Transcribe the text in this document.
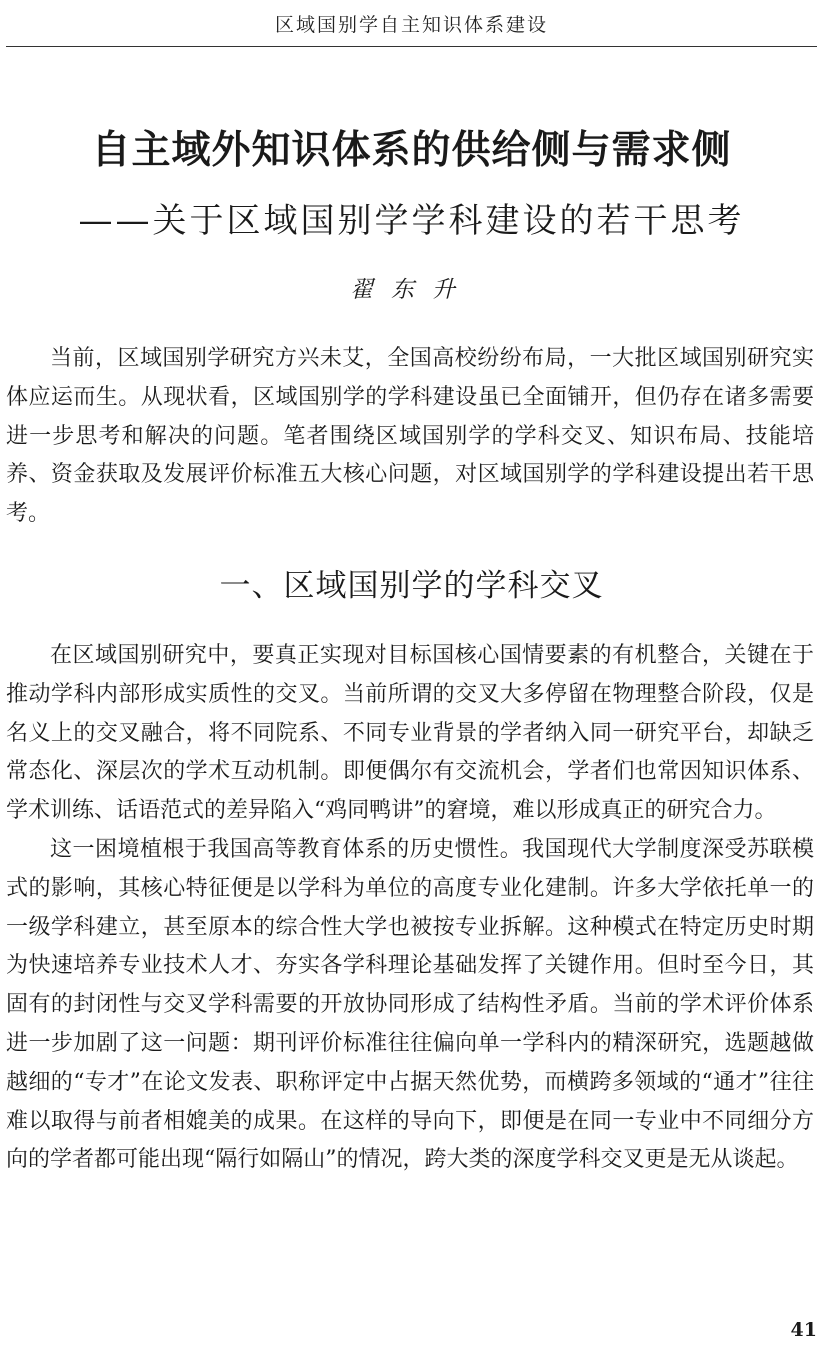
区域国别学自主知识体系建设
自主域外知识体系的供给侧与需求侧
——关于区域国别学学科建设的若干思考
翟东升

当前，区域国别学研究方兴未艾，全国高校纷纷布局，一大批区域国别研究实体应运而生。从现状看，区域国别学的学科建设虽已全面铺开，但仍存在诸多需要进一步思考和解决的问题。笔者围绕区域国别学的学科交叉、知识布局、技能培养、资金获取及发展评价标准五大核心问题，对区域国别学的学科建设提出若干思考。

一、区域国别学的学科交叉

在区域国别研究中，要真正实现对目标国核心国情要素的有机整合，关键在于推动学科内部形成实质性的交叉。当前所谓的交叉大多停留在物理整合阶段，仅是名义上的交叉融合，将不同院系、不同专业背景的学者纳入同一研究平台，却缺乏常态化、深层次的学术互动机制。即便偶尔有交流机会，学者们也常因知识体系、学术训练、话语范式的差异陷入“鸡同鸭讲”的窘境，难以形成真正的研究合力。

这一困境植根于我国高等教育体系的历史惯性。我国现代大学制度深受苏联模式的影响，其核心特征便是以学科为单位的高度专业化建制。许多大学依托单一的一级学科建立，甚至原本的综合性大学也被按专业拆解。这种模式在特定历史时期为快速培养专业技术人才、夯实各学科理论基础发挥了关键作用。但时至今日，其固有的封闭性与交叉学科需要的开放协同形成了结构性矛盾。当前的学术评价体系进一步加剧了这一问题：期刊评价标准往往偏向单一学科内的精深研究，选题越做越细的“专才”在论文发表、职称评定中占据天然优势，而横跨多领域的“通才”往往难以取得与前者相媲美的成果。在这样的导向下，即便是在同一专业中不同细分方向的学者都可能出现“隔行如隔山”的情况，跨大类的深度学科交叉更是无从谈起。

41
